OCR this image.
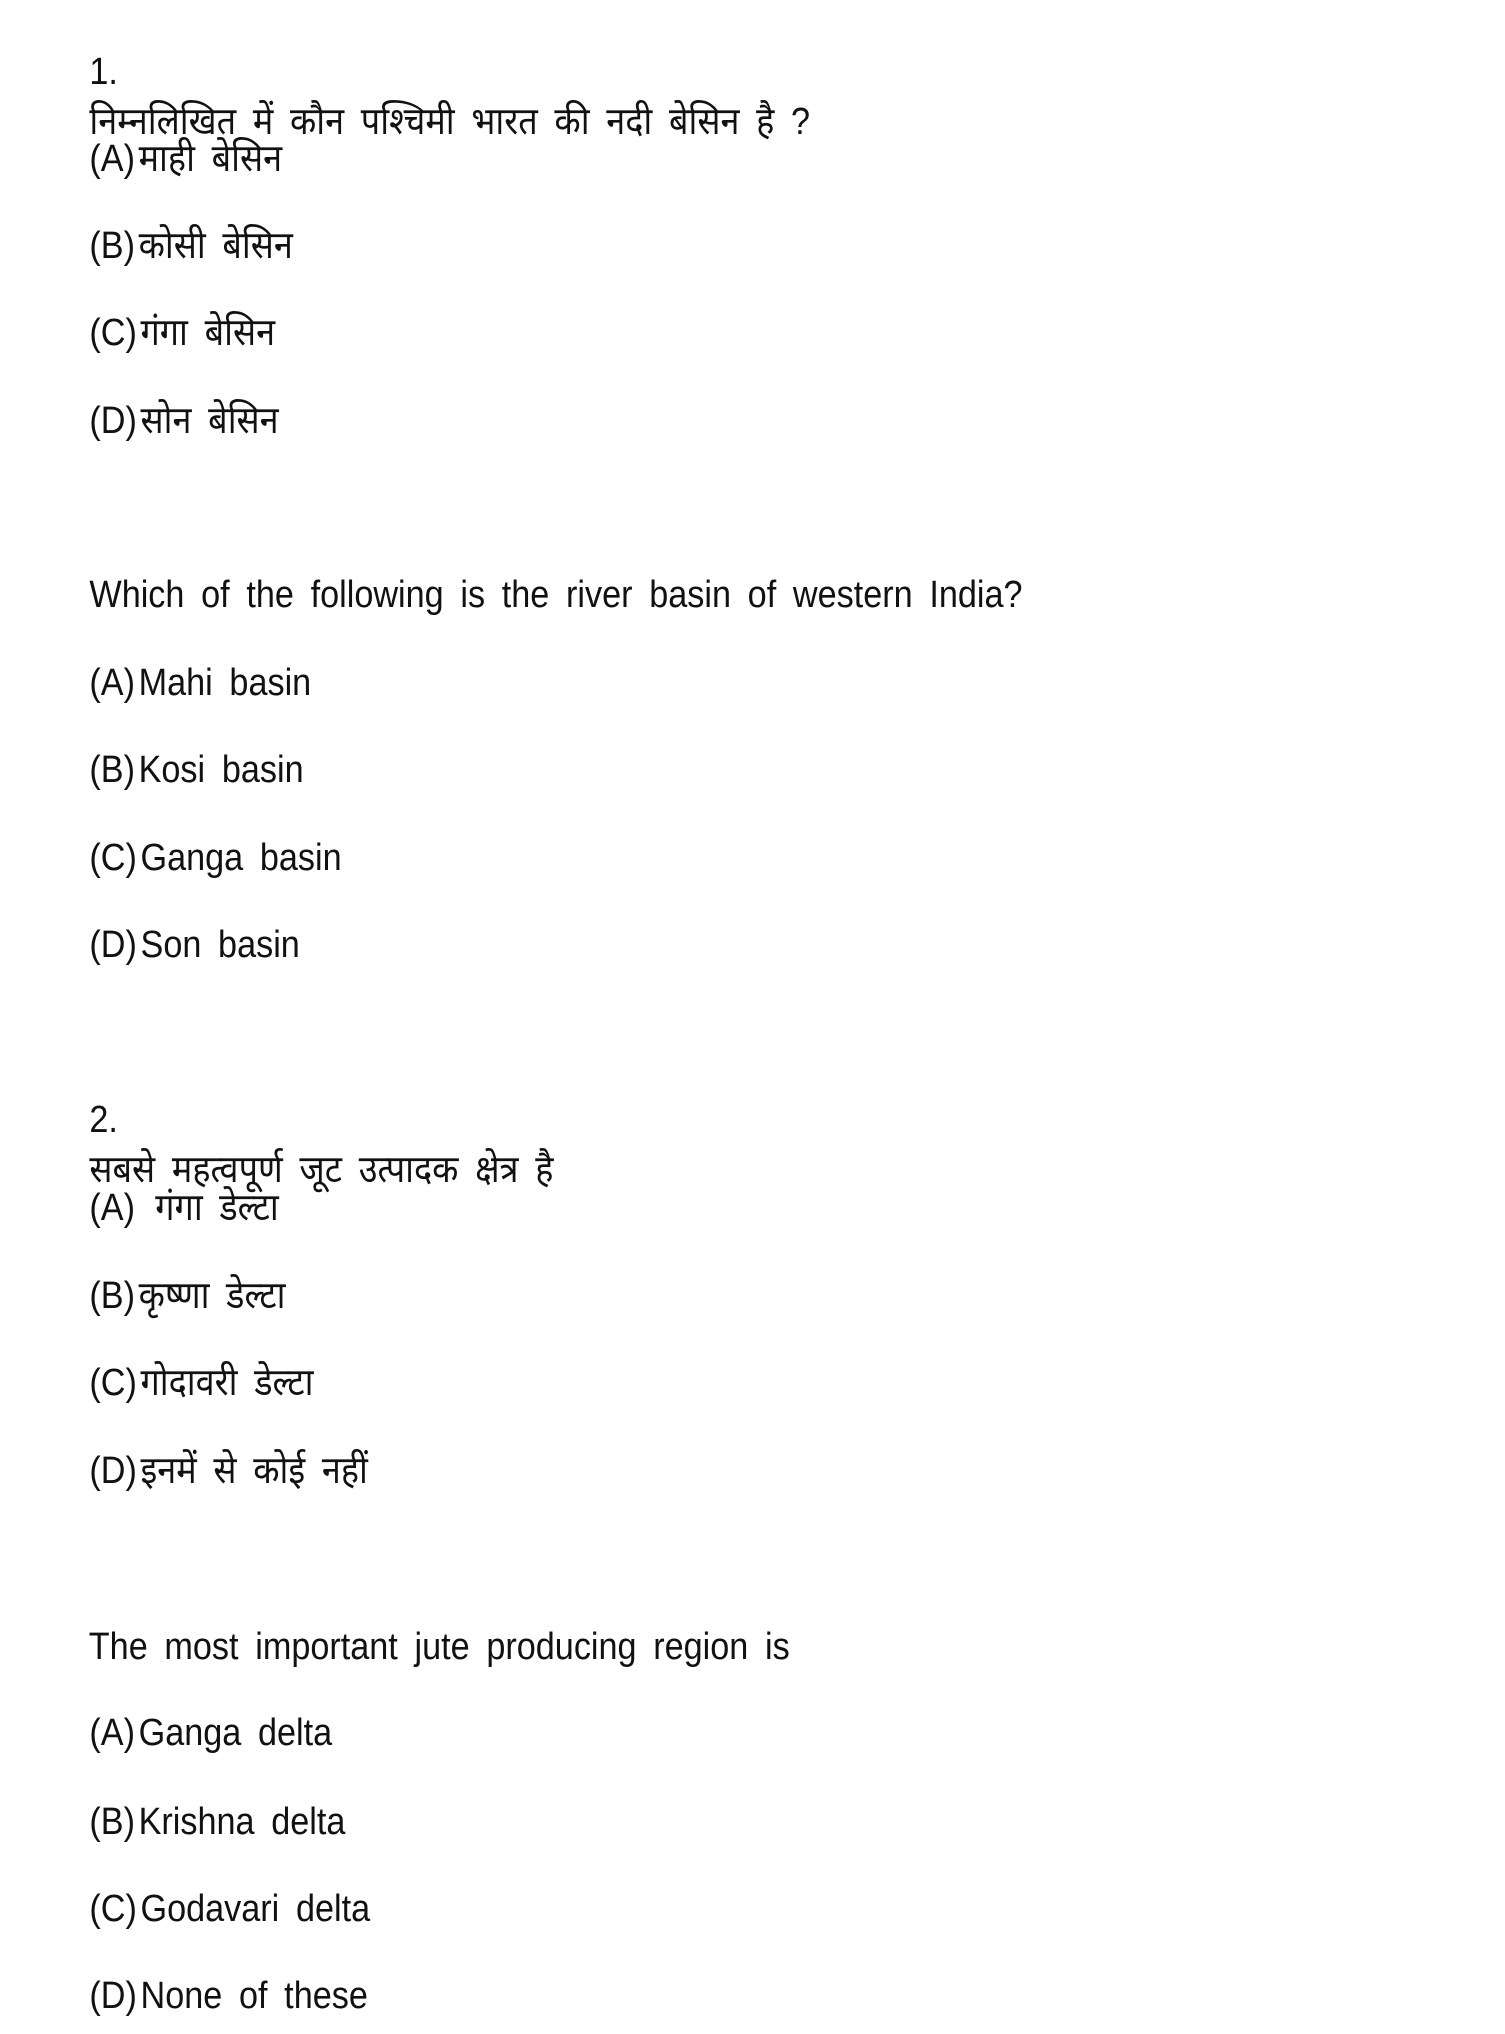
1.
निम्नलिखित में कौन पश्चिमी भारत की नदी बेसिन है ?

(A)माही बेसिन

(B)कोसी बेसिन

(C)गंगा बेसिन

(D)सोन बेसिन

Which of the following is the river basin of western India?

(A)Mahi basin

(B)Kosi basin

(C)Ganga basin

(D)Son basin

2.
सबसे महत्वपूर्ण जूट उत्पादक क्षेत्र है

(A) गंगा डेल्टा

(B)कृष्णा डेल्टा

(C)गोदावरी डेल्टा

(D)इनमें से कोई नहीं

The most important jute producing region is

(A)Ganga delta

(B)Krishna delta

(C)Godavari delta

(D)None of these
